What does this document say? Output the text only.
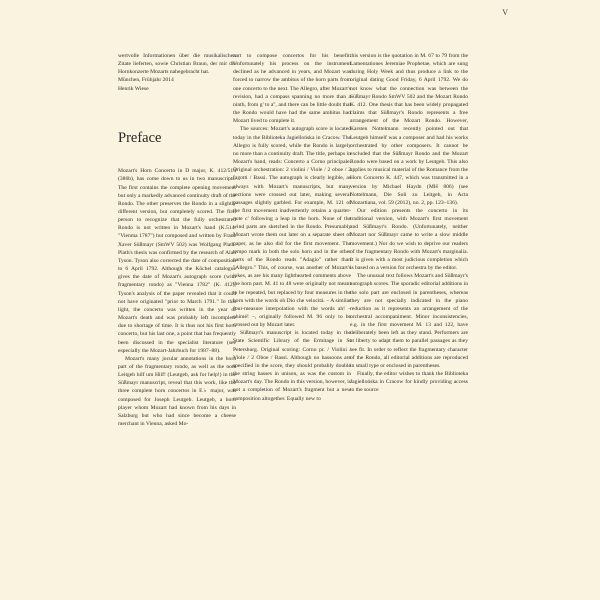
V

wertvolle Informationen über die musikalischen Zitate lieferten, sowie Christian Braun, der mir die Hornkonzerte Mozarts nahegebracht hat.

München, Frühjahr 2014

Henrik Wiese

Preface

Mozart's Horn Concerto in D major, K. 412/514 (386b), has come down to us in two manuscripts. The first contains the complete opening movement but only a markedly advanced continuity draft of the Rondo. The other preserves the Rondo in a slightly different version, but completely scored. The first person to recognize that the fully orchestrated Rondo is not written in Mozart's hand (K.514: "Vienma 1787") but composed and written by Franz Xaver Süßmayr (SmWV 502) was Wolfgang Plath. Plath's thesis was confirmed by the research of Alan Tyson. Tyson also corrected the date of composition to 6 April 1792. Although the Köchel catalogue gives the date of Mozart's autograph score (with fragmentary rondo) as "Vienna 1782" (K. 412), Tyson's analysis of the paper revealed that it could not have originated "prior to March 1791." In this light, the concerto was written in the year of Mozart's death and was probably left incomplete due to shortage of time. It is thus not his first horn concerto, but his last one, a point that has frequently been discussed in the specialist literature (see especially the Mozart-Jahrbuch for 1987–88).

Mozart's many jocular annotations in the horn part of the fragmentary rondo, as well as the note Leitgeb hilf um Hilf! (Leutgeb, ask for help!) in the Süßmayr manuscript, reveal that this work, like the three complete horn concertos in E♭ major, was composed for Joseph Leutgeb. Leutgeb, a horn player whom Mozart had known from his days in Salzburg but who had since become a cheese merchant in Vienna, asked Mo-

zart to compose concertos for his benefit. Unfortunately his process on the instrument declined as he advanced in years, and Mozart was forced to narrow the ambitus of the horn parts from one concerto to the next. The Allegro, after Mozart's revision, had a compass spanning no more than a ninth, from g' to a'', and there can be little doubt that the Rondo would have had the same ambitus had Mozart lived to complete it.

The sources: Mozart's autograph score is located today in the Biblioteka Jagiellońska in Cracow. The Allegro is fully scored, while the Rondo is largely no more than a continuity draft. The title, perhaps in Mozart's hand, reads: Concerto a Corno principale. Original orchestration: 2 violini / Viole / 2 oboe / 2 fagotti / Bassi. The autograph is clearly legible, as always with Mozart's manuscripts, but many sections were crossed out later, making several passages slightly garbled. For example, M. 121 of the first movement inadvertently retains a quarter-note c' following a leap in the horn. None of the wind parts are sketched in the Rondo. Presumably Mozart wrote them out later on a separate sheet of paper, as he also did for the first movement. The tempo mark in both the solo horn and in the other parts of the Rondo reads "Adagio" rather than "Allegro." This, of course, was another of Mozart's jokes, as are his many lighthearted comments above the horn part. M. 41 to 48 were originally not meant to be repeated, but replaced by four measures in the horn with the words oh Dio che velocità. – A similar four-measure interpolation with the words ah! – ohimé! –, originally followed M. 96 only to be crossed out by Mozart later.

Süßmayr's manuscript is located today in the State Scientific Library of the Ermitage in St Petersburg. Original scoring: Corno pr. / Violini / Viole / 2 Oboe / Bassi. Although no bassoons are specified in the score, they should probably double the string basses in unison, as was the custom in Mozart's day. The Rondo in this version, however, is not a completion of Mozart's fragment but a new composition altogether. Equally new to

this version is the quotation in M. 67 to 79 from the Lamentationes Jeremiae Prophetae, which are sung during Holy Week and thus produce a link to the original dating Good Friday, 6 April 1792. We do not know what the connection was between the Süßmayr Rondo SmWV 502 and the Mozart Rondo K. 412. One thesis that has been widely propagated claims that Süßmayr's Rondo represents a free arrangement of the Mozart Rondo. However, Karsten Nottelmann recently pointed out that Leutgeb himself was a composer and had his works orchestrated by other composers. It cannot be excluded that the Süßmayr Rondo and the Mozart Rondo were based on a work by Leutgeb. This also applies to musical material of the Romance from the Horn Concerto K. 447, which was transmitted in a version by Michael Haydn (MH 806) (see Nottelmann, Die Soli zu Leitgeb, in Acta Mozartiana, vol. 59 (2012), no. 2, pp. 123–136).

Our edition presents the concerto in its traditional version, with Mozart's first movement and Süßmayr's Rondo. (Unfortunately, neither Mozart nor Süßmayr came to write a slow middle movement.) Nor do we wish to deprive our readers of the fragmentary Rondo with Mozart's marginalia. It is given with a most judicious completion which is based on a version for orchestra by the editor.

The unusual text follows Mozart's and Süßmayr's autograph scores. The sporadic editorial additions in the solo part are enclosed in parentheses, whereas they are not specially indicated in the piano reduction as it represents an arrangement of the orchestral accompaniment. Minor inconsistencies, e.g. in the first movement M. 13 and 122, have deliberately been left as they stand. Performers are at liberty to adapt them to parallel passages as they see fit. In order to reflect the fragmentary character of the Rondo, all editorial additions are reproduced in small type or enclosed in parentheses.

Finally, the editor wishes to thank the Biblioteka Jagiellońska in Cracow for kindly providing access to the source
